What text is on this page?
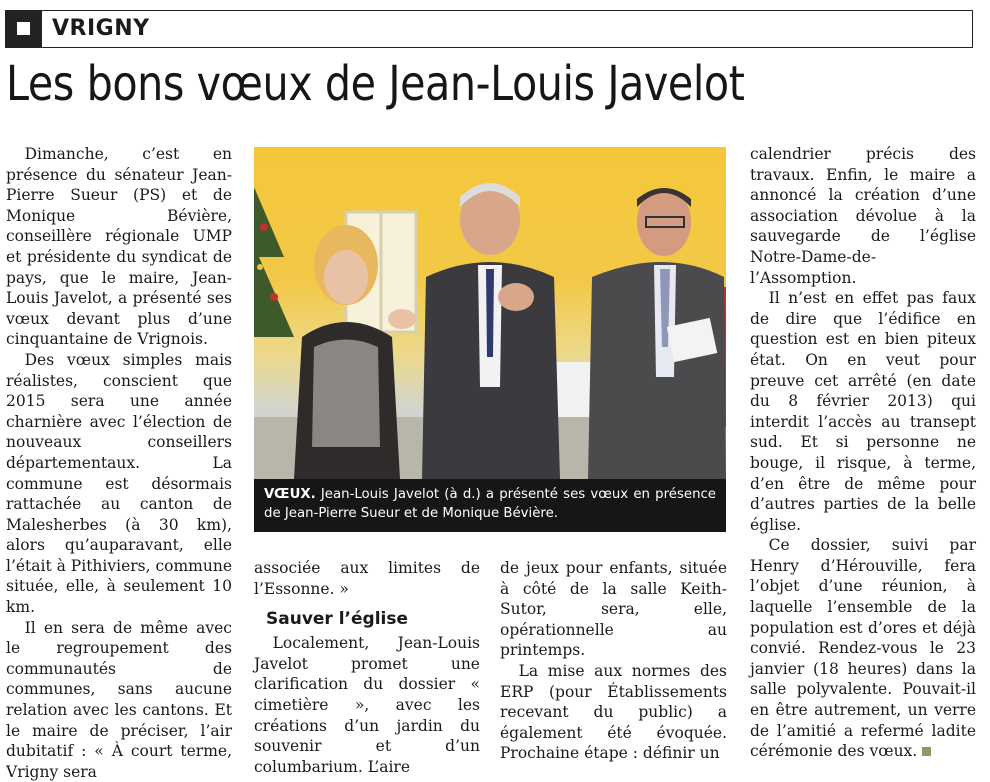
VRIGNY
Les bons vœux de Jean-Louis Javelot

Dimanche, c’est en présence du sénateur Jean-Pierre Sueur (PS) et de Monique Bévière, conseillère régionale UMP et présidente du syndicat de pays, que le maire, Jean-Louis Javelot, a présenté ses vœux devant plus d’une cinquantaine de Vrignois.

Des vœux simples mais réalistes, conscient que 2015 sera une année charnière avec l’élection de nouveaux conseillers départementaux. La commune est désormais rattachée au canton de Malesherbes (à 30 km), alors qu’auparavant, elle l’était à Pithiviers, commune située, elle, à seulement 10 km.

Il en sera de même avec le regroupement des communautés de communes, sans aucune relation avec les cantons. Et le maire de préciser, l’air dubitatif : « À court terme, Vrigny sera

VŒUX. Jean-Louis Javelot (à d.) a présenté ses vœux en présence de Jean-Pierre Sueur et de Monique Bévière.

associée aux limites de l’Essonne. »

Sauver l’église

Localement, Jean-Louis Javelot promet une clarification du dossier « cimetière », avec les créations d’un jardin du souvenir et d’un columbarium. L’aire

de jeux pour enfants, située à côté de la salle Keith-Sutor, sera, elle, opérationnelle au printemps.

La mise aux normes des ERP (pour Établissements recevant du public) a également été évoquée. Prochaine étape : définir un

calendrier précis des travaux. Enfin, le maire a annoncé la création d’une association dévolue à la sauvegarde de l’église Notre-Dame-de-l’Assomption.

Il n’est en effet pas faux de dire que l’édifice en question est en bien piteux état. On en veut pour preuve cet arrêté (en date du 8 février 2013) qui interdit l’accès au transept sud. Et si personne ne bouge, il risque, à terme, d’en être de même pour d’autres parties de la belle église.

Ce dossier, suivi par Henry d’Hérouville, fera l’objet d’une réunion, à laquelle l’ensemble de la population est d’ores et déjà convié. Rendez-vous le 23 janvier (18 heures) dans la salle polyvalente. Pouvait-il en être autrement, un verre de l’amitié a refermé ladite cérémonie des vœux.
